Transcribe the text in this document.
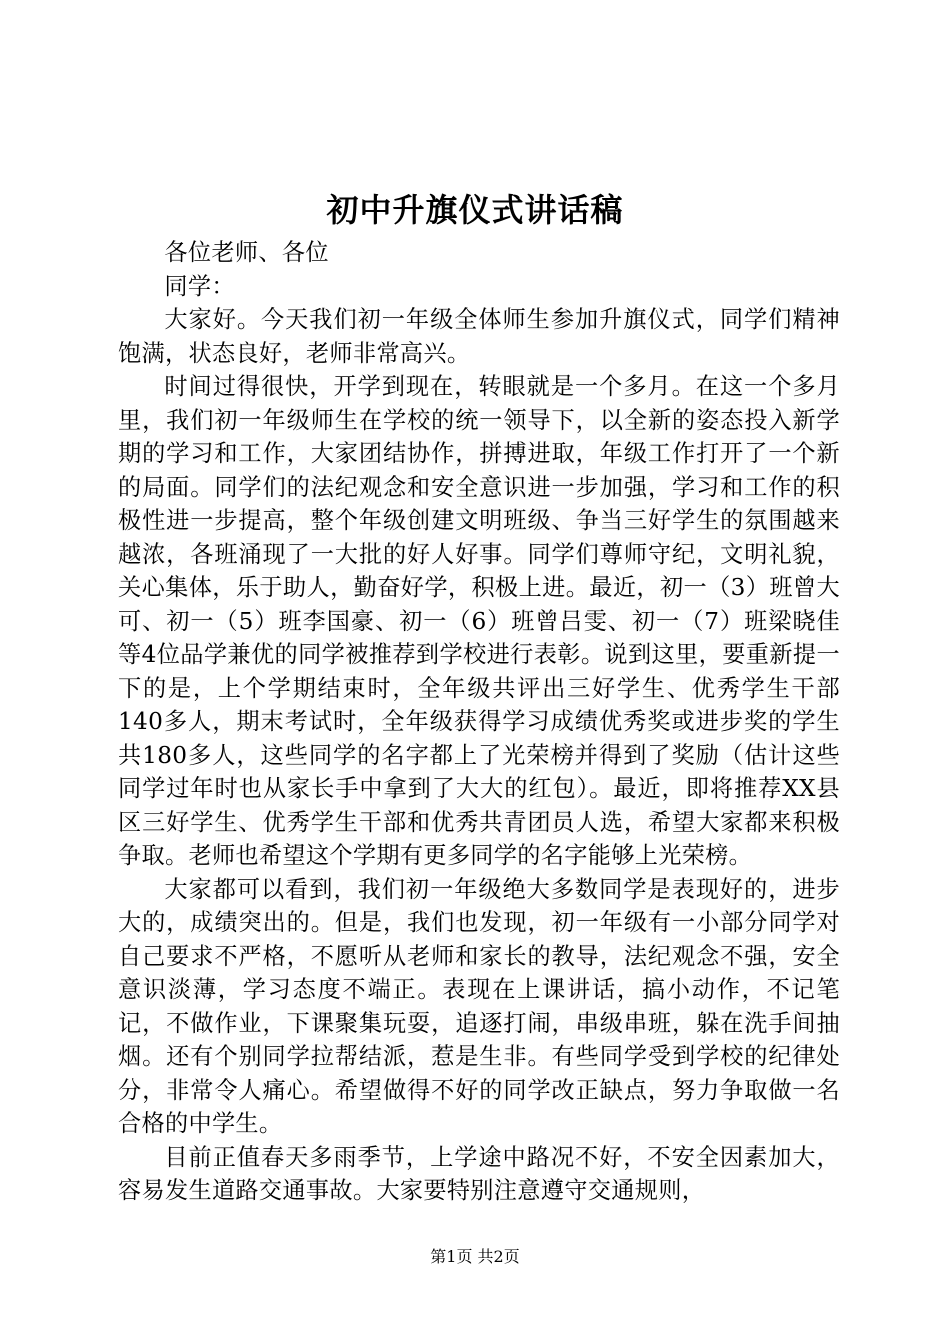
初中升旗仪式讲话稿

各位老师、各位

同学：

大家好。今天我们初一年级全体师生参加升旗仪式，同学们精神饱满，状态良好，老师非常高兴。

时间过得很快，开学到现在，转眼就是一个多月。在这一个多月里，我们初一年级师生在学校的统一领导下，以全新的姿态投入新学期的学习和工作，大家团结协作，拼搏进取，年级工作打开了一个新的局面。同学们的法纪观念和安全意识进一步加强，学习和工作的积极性进一步提高，整个年级创建文明班级、争当三好学生的氛围越来越浓，各班涌现了一大批的好人好事。同学们尊师守纪，文明礼貌，关心集体，乐于助人，勤奋好学，积极上进。最近，初一（3）班曾大可、初一（5）班李国豪、初一（6）班曾吕雯、初一（7）班梁晓佳等4位品学兼优的同学被推荐到学校进行表彰。说到这里，要重新提一下的是，上个学期结束时，全年级共评出三好学生、优秀学生干部140多人，期末考试时，全年级获得学习成绩优秀奖或进步奖的学生共180多人，这些同学的名字都上了光荣榜并得到了奖励（估计这些同学过年时也从家长手中拿到了大大的红包）。最近，即将推荐XX县区三好学生、优秀学生干部和优秀共青团员人选，希望大家都来积极争取。老师也希望这个学期有更多同学的名字能够上光荣榜。

大家都可以看到，我们初一年级绝大多数同学是表现好的，进步大的，成绩突出的。但是，我们也发现，初一年级有一小部分同学对自己要求不严格，不愿听从老师和家长的教导，法纪观念不强，安全意识淡薄，学习态度不端正。表现在上课讲话，搞小动作，不记笔记，不做作业，下课聚集玩耍，追逐打闹，串级串班，躲在洗手间抽烟。还有个别同学拉帮结派，惹是生非。有些同学受到学校的纪律处分，非常令人痛心。希望做得不好的同学改正缺点，努力争取做一名合格的中学生。

目前正值春天多雨季节，上学途中路况不好，不安全因素加大，容易发生道路交通事故。大家要特别注意遵守交通规则，

第1页 共2页
